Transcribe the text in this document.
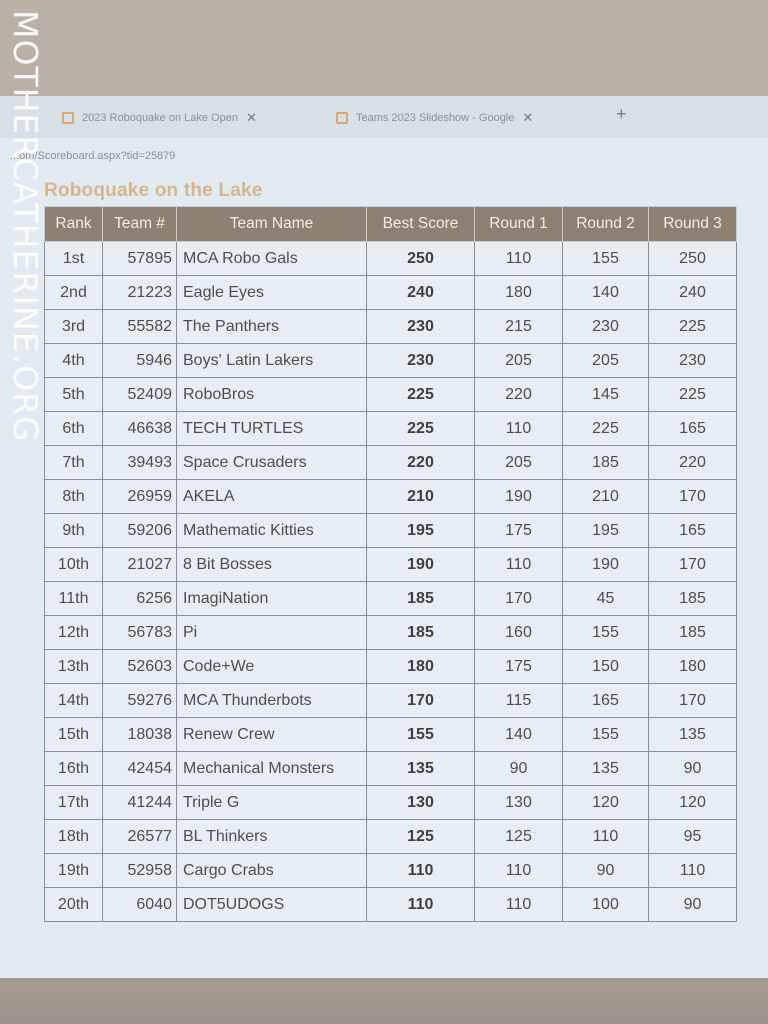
MOTHERCATHERINE.ORG	2023 Roboquake on Lake Open ✕	Teams 2023 Slideshow - Google ✕	+
...om/Scoreboard.aspx?tid=25879
Roboquake on the Lake
Rank	Team #	Team Name	Best Score	Round 1	Round 2	Round 3
1st	57895	MCA Robo Gals	250	110	155	250
2nd	21223	Eagle Eyes	240	180	140	240
3rd	55582	The Panthers	230	215	230	225
4th	5946	Boys' Latin Lakers	230	205	205	230
5th	52409	RoboBros	225	220	145	225
6th	46638	TECH TURTLES	225	110	225	165
7th	39493	Space Crusaders	220	205	185	220
8th	26959	AKELA	210	190	210	170
9th	59206	Mathematic Kitties	195	175	195	165
10th	21027	8 Bit Bosses	190	110	190	170
11th	6256	ImagiNation	185	170	45	185
12th	56783	Pi	185	160	155	185
13th	52603	Code+We	180	175	150	180
14th	59276	MCA Thunderbots	170	115	165	170
15th	18038	Renew Crew	155	140	155	135
16th	42454	Mechanical Monsters	135	90	135	90
17th	41244	Triple G	130	130	120	120
18th	26577	BL Thinkers	125	125	110	95
19th	52958	Cargo Crabs	110	110	90	110
20th	6040	DOT5UDOGS	110	110	100	90
